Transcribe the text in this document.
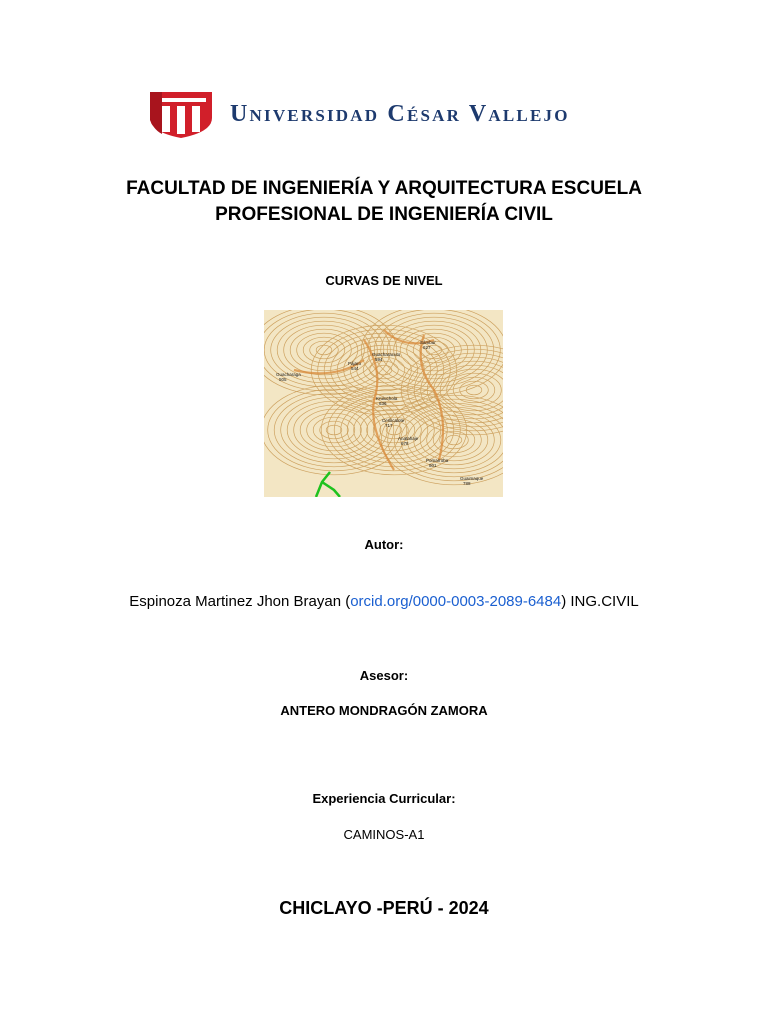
Universidad César Vallejo
FACULTAD DE INGENIERÍA Y ARQUITECTURA ESCUELA PROFESIONAL DE INGENIERÍA CIVIL
CURVAS DE NIVEL
Pájaro
544
Guacharaga
505
Guacharacuto
594
Sámbur
627
Kruiuchola
636
Cerilicalote
717
Anatahaje
678
Pomarroba
801
Guaimaque
788
Autor:
Espinoza Martinez Jhon Brayan (orcid.org/0000-0003-2089-6484) ING.CIVIL
Asesor:
ANTERO MONDRAGÓN ZAMORA
Experiencia Curricular:
CAMINOS-A1
CHICLAYO -PERÚ - 2024
